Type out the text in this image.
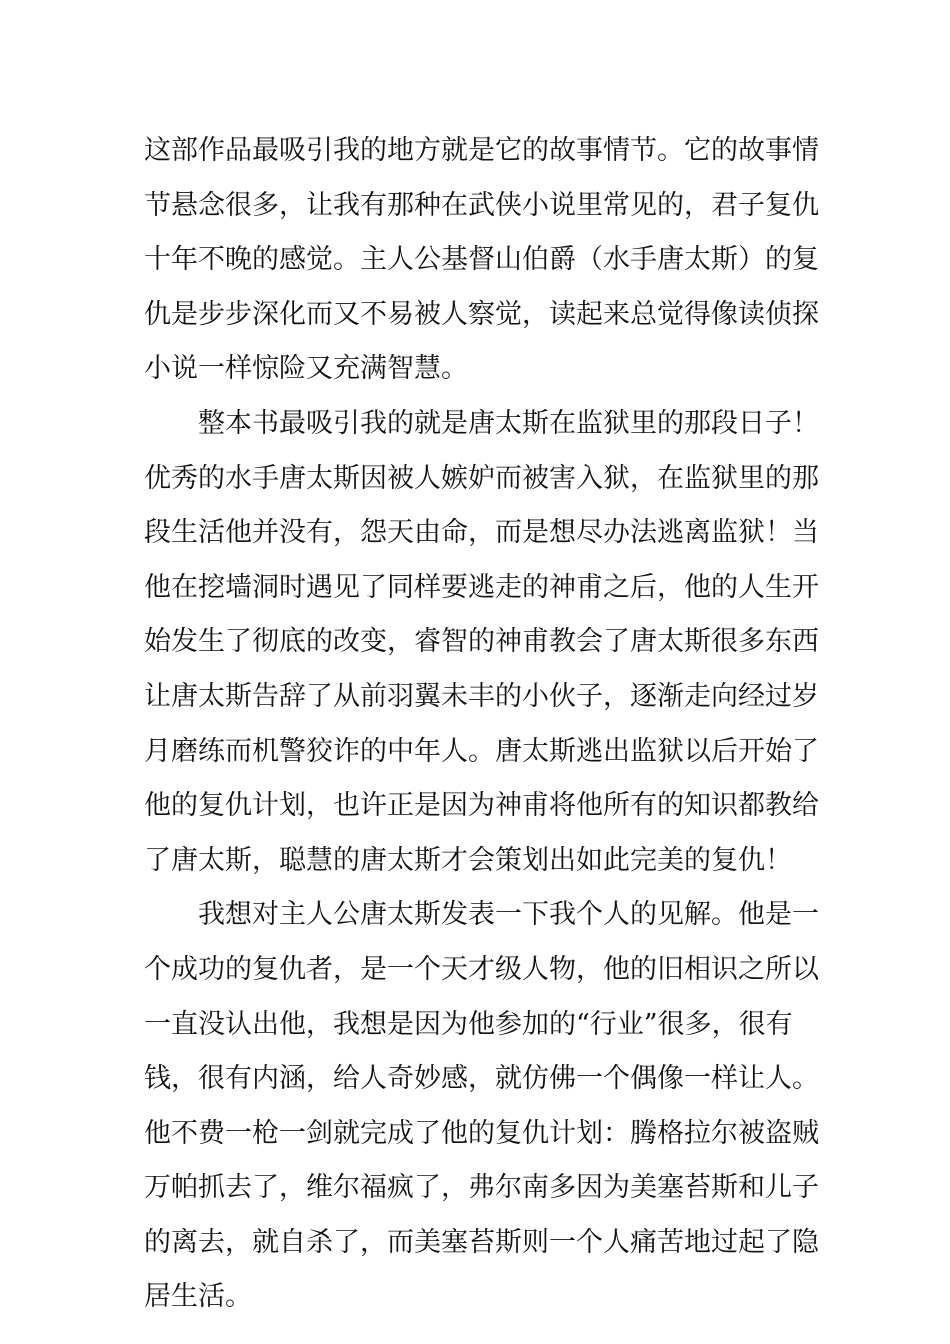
这部作品最吸引我的地方就是它的故事情节。它的故事情
节悬念很多，让我有那种在武侠小说里常见的，君子复仇
十年不晚的感觉。主人公基督山伯爵（水手唐太斯）的复
仇是步步深化而又不易被人察觉，读起来总觉得像读侦探
小说一样惊险又充满智慧。
整本书最吸引我的就是唐太斯在监狱里的那段日子！
优秀的水手唐太斯因被人嫉妒而被害入狱，在监狱里的那
段生活他并没有，怨天由命，而是想尽办法逃离监狱！当
他在挖墙洞时遇见了同样要逃走的神甫之后，他的人生开
始发生了彻底的改变，睿智的神甫教会了唐太斯很多东西
让唐太斯告辞了从前羽翼未丰的小伙子，逐渐走向经过岁
月磨练而机警狡诈的中年人。唐太斯逃出监狱以后开始了
他的复仇计划，也许正是因为神甫将他所有的知识都教给
了唐太斯，聪慧的唐太斯才会策划出如此完美的复仇！
我想对主人公唐太斯发表一下我个人的见解。他是一
个成功的复仇者，是一个天才级人物，他的旧相识之所以
一直没认出他，我想是因为他参加的“行业”很多，很有
钱，很有内涵，给人奇妙感，就仿佛一个偶像一样让人。
他不费一枪一剑就完成了他的复仇计划：腾格拉尔被盗贼
万帕抓去了，维尔福疯了，弗尔南多因为美塞苔斯和儿子
的离去，就自杀了，而美塞苔斯则一个人痛苦地过起了隐
居生活。
